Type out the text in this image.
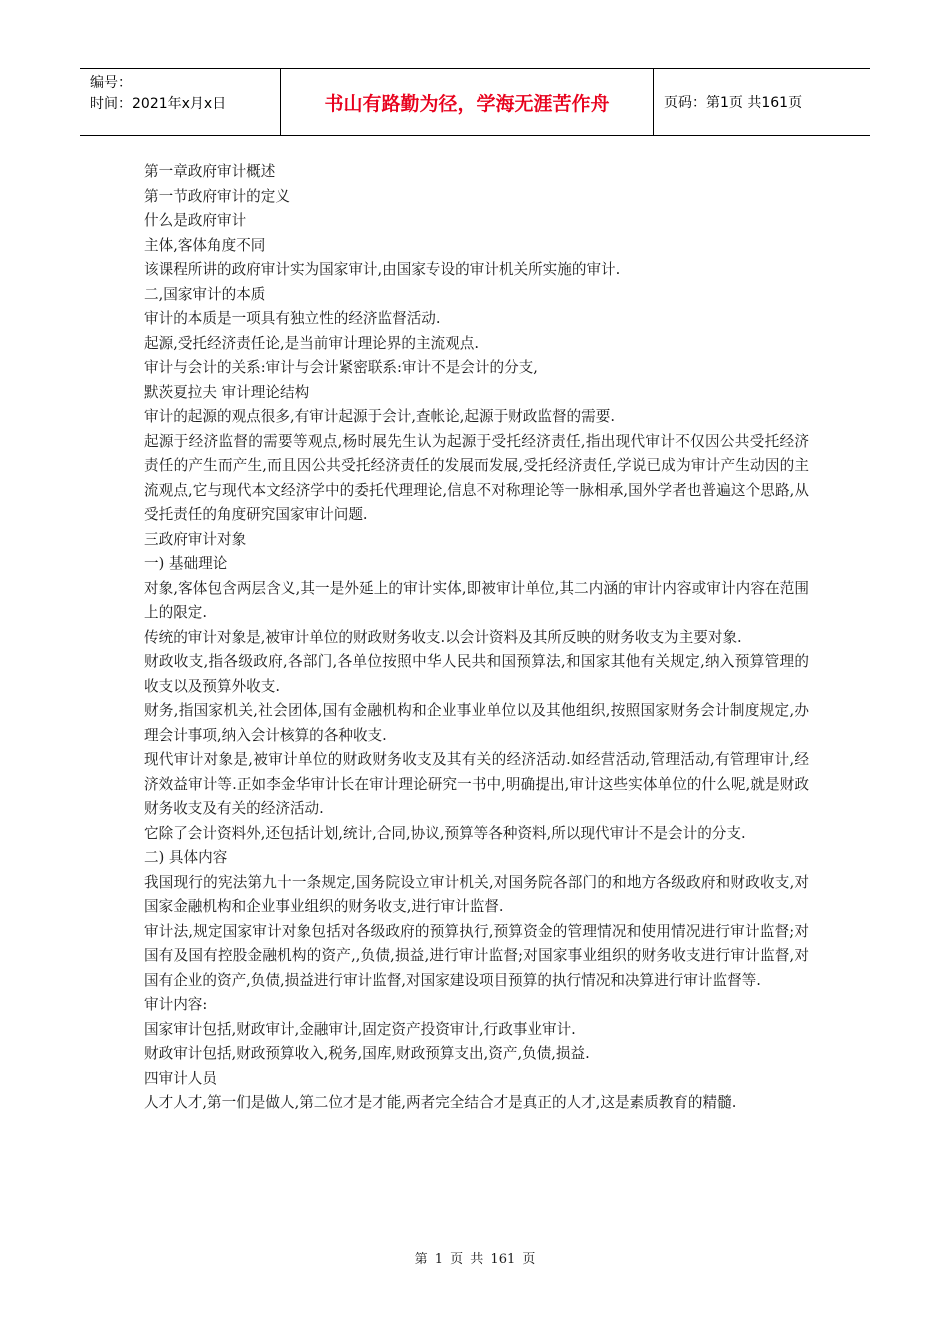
编号：
时间：2021年x月x日	书山有路勤为径，学海无涯苦作舟	页码：第1页 共161页

第一章政府审计概述

第一节政府审计的定义

什么是政府审计

主体,客体角度不同

该课程所讲的政府审计实为国家审计,由国家专设的审计机关所实施的审计.

二,国家审计的本质

审计的本质是一项具有独立性的经济监督活动.

起源,受托经济责任论,是当前审计理论界的主流观点.

审计与会计的关系:审计与会计紧密联系:审计不是会计的分支,

默茨夏拉夫 审计理论结构

审计的起源的观点很多,有审计起源于会计,查帐论,起源于财政监督的需要.

起源于经济监督的需要等观点,杨时展先生认为起源于受托经济责任,指出现代审计不仅因公共受托经济责任的产生而产生,而且因公共受托经济责任的发展而发展,受托经济责任,学说已成为审计产生动因的主流观点,它与现代本文经济学中的委托代理理论,信息不对称理论等一脉相承,国外学者也普遍这个思路,从受托责任的角度研究国家审计问题.

三政府审计对象

一) 基础理论

对象,客体包含两层含义,其一是外延上的审计实体,即被审计单位,其二内涵的审计内容或审计内容在范围上的限定.

传统的审计对象是,被审计单位的财政财务收支.以会计资料及其所反映的财务收支为主要对象.

财政收支,指各级政府,各部门,各单位按照中华人民共和国预算法,和国家其他有关规定,纳入预算管理的收支以及预算外收支.

财务,指国家机关,社会团体,国有金融机构和企业事业单位以及其他组织,按照国家财务会计制度规定,办理会计事项,纳入会计核算的各种收支.

现代审计对象是,被审计单位的财政财务收支及其有关的经济活动.如经营活动,管理活动,有管理审计,经济效益审计等.正如李金华审计长在审计理论研究一书中,明确提出,审计这些实体单位的什么呢,就是财政财务收支及有关的经济活动.

它除了会计资料外,还包括计划,统计,合同,协议,预算等各种资料,所以现代审计不是会计的分支.

二) 具体内容

我国现行的宪法第九十一条规定,国务院设立审计机关,对国务院各部门的和地方各级政府和财政收支,对国家金融机构和企业事业组织的财务收支,进行审计监督.

审计法,规定国家审计对象包括对各级政府的预算执行,预算资金的管理情况和使用情况进行审计监督;对国有及国有控股金融机构的资产,,负债,损益,进行审计监督;对国家事业组织的财务收支进行审计监督,对国有企业的资产,负债,损益进行审计监督,对国家建设项目预算的执行情况和决算进行审计监督等.

审计内容:

国家审计包括,财政审计,金融审计,固定资产投资审计,行政事业审计.

财政审计包括,财政预算收入,税务,国库,财政预算支出,资产,负债,损益.

四审计人员

人才人才,第一们是做人,第二位才是才能,两者完全结合才是真正的人才,这是素质教育的精髓.

第 1 页 共 161 页
